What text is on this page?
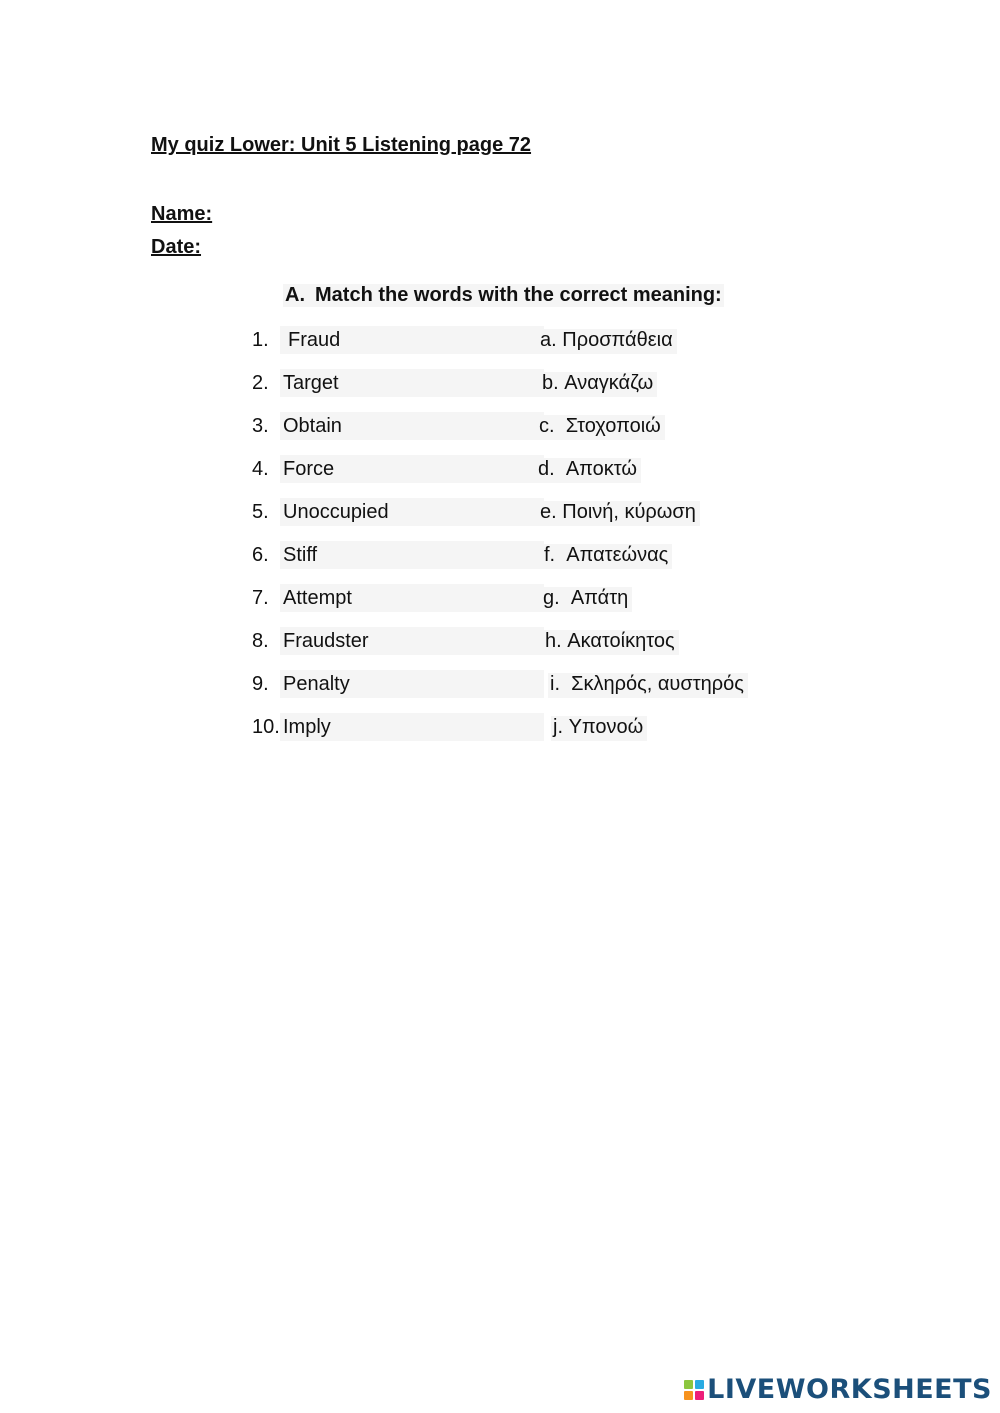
My quiz Lower: Unit 5 Listening page 72
Name:
Date:
A. Match the words with the correct meaning:
1. Fraud	a. Προσπάθεια
2. Target	b. Αναγκάζω
3. Obtain	c. Στοχοποιώ
4. Force	d. Αποκτώ
5. Unoccupied	e. Ποινή, κύρωση
6. Stiff	f. Απατεώνας
7. Attempt	g. Απάτη
8. Fraudster	h. Ακατοίκητος
9. Penalty	i. Σκληρός, αυστηρός
10. Imply	j. Υπονοώ
LIVEWORKSHEETS
